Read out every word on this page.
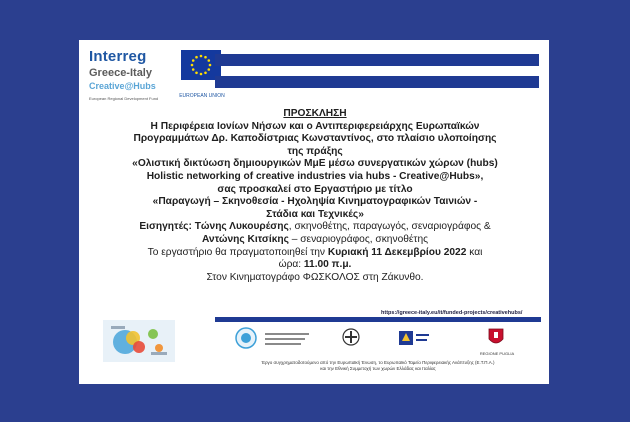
Interreg
Greece-Italy
Creative@Hubs
European Regional Development Fund	EUROPEAN UNION
ΠΡΟΣΚΛΗΣΗ
Η Περιφέρεια Ιονίων Νήσων και ο Αντιπεριφερειάρχης Ευρωπαϊκών
Προγραμμάτων Δρ. Καποδίστριας Κωνσταντίνος, στο πλαίσιο υλοποίησης
της πράξης
«Ολιστική δικτύωση δημιουργικών ΜμΕ μέσω συνεργατικών χώρων (hubs)
Holistic networking of creative industries via hubs - Creative@Hubs»,
σας προσκαλεί στο Εργαστήριο με τίτλο
«Παραγωγή – Σκηνοθεσία - Ηχοληψία Κινηματογραφικών Ταινιών -
Στάδια και Τεχνικές»
Εισηγητές: Τώνης Λυκουρέσης, σκηνοθέτης, παραγωγός, σεναριογράφος &
Αντώνης Κιτσίκης – σεναριογράφος, σκηνοθέτης
Το εργαστήριο θα πραγματοποιηθεί την Κυριακή 11 Δεκεμβρίου 2022 και
ώρα: 11.00 π.μ.
Στον Κινηματογράφο ΦΩΣΚΟΛΟΣ στη Ζάκυνθο.
https://greece-italy.eu/it/funded-projects/creativehubs/
REGIONE PUGLIA
Έργο συγχρηματοδοτούμενο από την Ευρωπαϊκή Ένωση, το Ευρωπαϊκό Ταμείο Περιφερειακής Ανάπτυξης (Ε.Τ.Π.Α.)
και την Εθνική Συμμετοχή των χωρών Ελλάδας και Ιταλίας
